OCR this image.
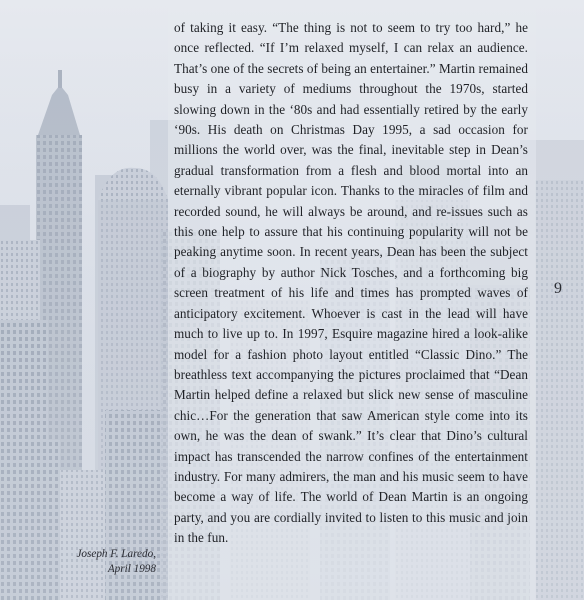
of taking it easy. “The thing is not to seem to try too hard,” he once reflected. “If I’m relaxed myself, I can relax an audience. That’s one of the secrets of being an entertainer.” Martin remained busy in a variety of mediums throughout the 1970s, started slowing down in the ‘80s and had essentially retired by the early ‘90s. His death on Christmas Day 1995, a sad occasion for millions the world over, was the final, inevitable step in Dean’s gradual transformation from a flesh and blood mortal into an eternally vibrant popular icon. Thanks to the miracles of film and recorded sound, he will always be around, and re-issues such as this one help to assure that his continuing popularity will not be peaking anytime soon. In recent years, Dean has been the subject of a biography by author Nick Tosches, and a forthcoming big screen treatment of his life and times has prompted waves of anticipatory excitement. Whoever is cast in the lead will have much to live up to. In 1997, Esquire magazine hired a look-alike model for a fashion photo layout entitled “Classic Dino.” The breathless text accompanying the pictures proclaimed that “Dean Martin helped define a relaxed but slick new sense of masculine chic…For the generation that saw American style come into its own, he was the dean of swank.” It’s clear that Dino’s cultural impact has transcended the narrow confines of the entertainment industry. For many admirers, the man and his music seem to have become a way of life. The world of Dean Martin is an ongoing party, and you are cordially invited to listen to this music and join in the fun.

9
Joseph F. Laredo,
April 1998
